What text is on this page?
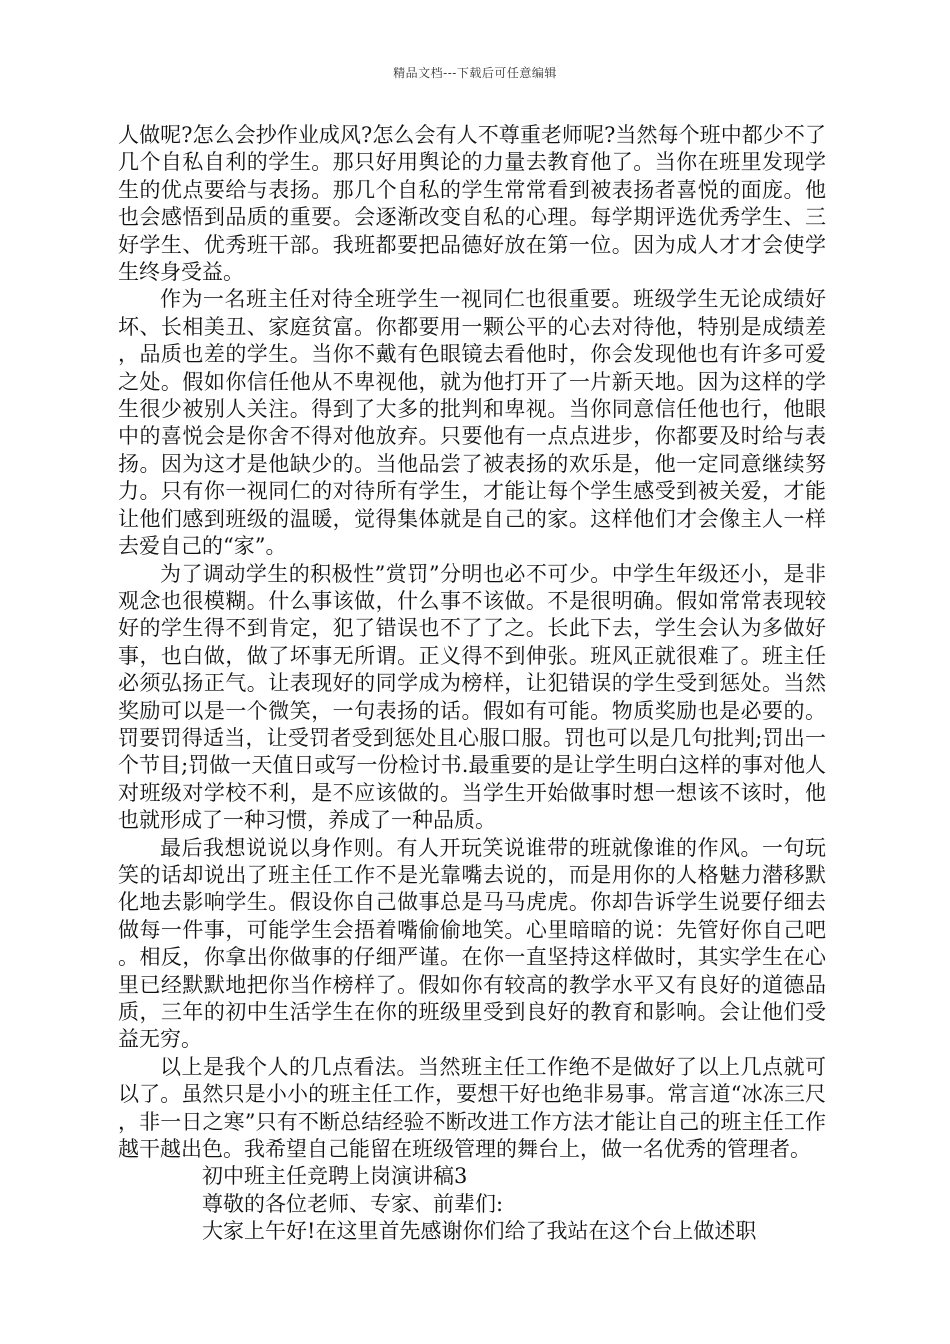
精品文档---下载后可任意编辑

人做呢?怎么会抄作业成风?怎么会有人不尊重老师呢?当然每个班中都少不了几个自私自利的学生。那只好用舆论的力量去教育他了。当你在班里发现学生的优点要给与表扬。那几个自私的学生常常看到被表扬者喜悦的面庞。他也会感悟到品质的重要。会逐渐改变自私的心理。每学期评选优秀学生、三好学生、优秀班干部。我班都要把品德好放在第一位。因为成人才才会使学生终身受益。

作为一名班主任对待全班学生一视同仁也很重要。班级学生无论成绩好坏、长相美丑、家庭贫富。你都要用一颗公平的心去对待他，特别是成绩差，品质也差的学生。当你不戴有色眼镜去看他时，你会发现他也有许多可爱之处。假如你信任他从不卑视他，就为他打开了一片新天地。因为这样的学生很少被别人关注。得到了大多的批判和卑视。当你同意信任他也行，他眼中的喜悦会是你舍不得对他放弃。只要他有一点点进步，你都要及时给与表扬。因为这才是他缺少的。当他品尝了被表扬的欢乐是，他一定同意继续努力。只有你一视同仁的对待所有学生，才能让每个学生感受到被关爱，才能让他们感到班级的温暖，觉得集体就是自己的家。这样他们才会像主人一样去爱自己的“家”。

为了调动学生的积极性”赏罚”分明也必不可少。中学生年级还小，是非观念也很模糊。什么事该做，什么事不该做。不是很明确。假如常常表现较好的学生得不到肯定，犯了错误也不了了之。长此下去，学生会认为多做好事，也白做，做了坏事无所谓。正义得不到伸张。班风正就很难了。班主任必须弘扬正气。让表现好的同学成为榜样，让犯错误的学生受到惩处。当然奖励可以是一个微笑，一句表扬的话。假如有可能。物质奖励也是必要的。罚要罚得适当，让受罚者受到惩处且心服口服。罚也可以是几句批判;罚出一个节目;罚做一天值日或写一份检讨书.最重要的是让学生明白这样的事对他人对班级对学校不利，是不应该做的。当学生开始做事时想一想该不该时，他也就形成了一种习惯，养成了一种品质。

最后我想说说以身作则。有人开玩笑说谁带的班就像谁的作风。一句玩笑的话却说出了班主任工作不是光靠嘴去说的，而是用你的人格魅力潜移默化地去影响学生。假设你自己做事总是马马虎虎。你却告诉学生说要仔细去做每一件事，可能学生会捂着嘴偷偷地笑。心里暗暗的说：先管好你自己吧。相反，你拿出你做事的仔细严谨。在你一直坚持这样做时，其实学生在心里已经默默地把你当作榜样了。假如你有较高的教学水平又有良好的道德品质，三年的初中生活学生在你的班级里受到良好的教育和影响。会让他们受益无穷。

以上是我个人的几点看法。当然班主任工作绝不是做好了以上几点就可以了。虽然只是小小的班主任工作，要想干好也绝非易事。常言道“冰冻三尺，非一日之寒”只有不断总结经验不断改进工作方法才能让自己的班主任工作越干越出色。我希望自己能留在班级管理的舞台上，做一名优秀的管理者。

初中班主任竞聘上岗演讲稿3

尊敬的各位老师、专家、前辈们:

大家上午好!在这里首先感谢你们给了我站在这个台上做述职
